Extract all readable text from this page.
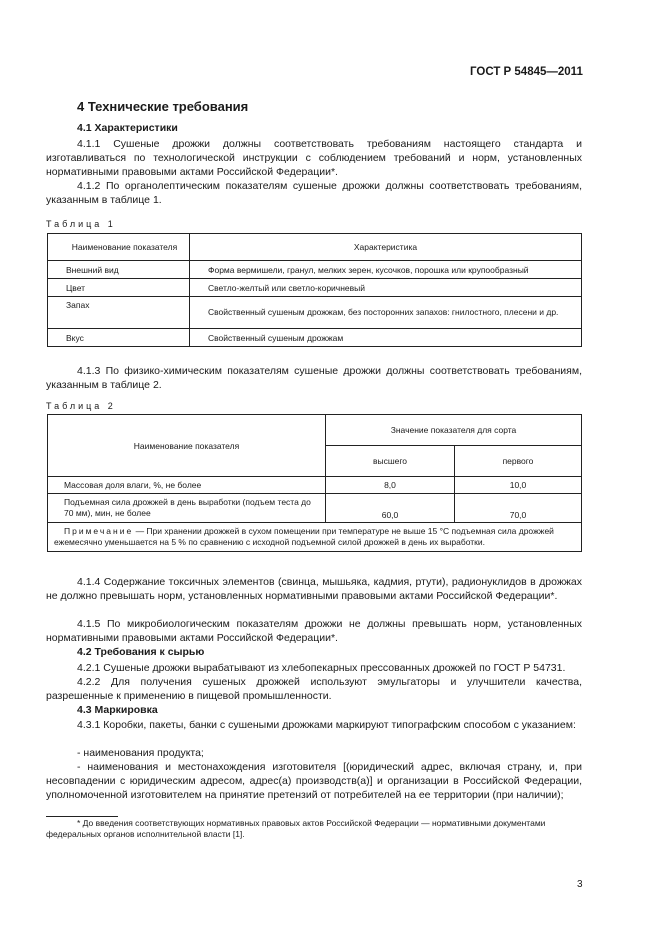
ГОСТ Р 54845—2011
4 Технические требования
4.1 Характеристики
4.1.1 Сушеные дрожжи должны соответствовать требованиям настоящего стандарта и изготавливаться по технологической инструкции с соблюдением требований и норм, установленных нормативными правовыми актами Российской Федерации*.
4.1.2 По органолептическим показателям сушеные дрожжи должны соответствовать требованиям, указанным в таблице 1.
Таблица 1
Наименование показателя	Характеристика
Внешний вид	Форма вермишели, гранул, мелких зерен, кусочков, порошка или крупообразный
Цвет	Светло-желтый или светло-коричневый
Запах	Свойственный сушеным дрожжам, без посторонних запахов: гнилостного, плесени и др.
Вкус	Свойственный сушеным дрожжам
4.1.3 По физико-химическим показателям сушеные дрожжи должны соответствовать требованиям, указанным в таблице 2.
Таблица 2
Наименование показателя	Значение показателя для сорта	
	высшего	первого
Массовая доля влаги, %, не более	8,0	10,0
Подъемная сила дрожжей в день выработки (подъем теста до 70 мм), мин, не более	60,0	70,0
Примечание — При хранении дрожжей в сухом помещении при температуре не выше 15 °С подъемная сила дрожжей ежемесячно уменьшается на 5 % по сравнению с исходной подъемной силой дрожжей в день их выработки.		
4.1.4 Содержание токсичных элементов (свинца, мышьяка, кадмия, ртути), радионуклидов в дрожжах не должно превышать норм, установленных нормативными правовыми актами Российской Федерации*.
4.1.5 По микробиологическим показателям дрожжи не должны превышать норм, установленных нормативными правовыми актами Российской Федерации*.
4.2 Требования к сырью
4.2.1 Сушеные дрожжи вырабатывают из хлебопекарных прессованных дрожжей по ГОСТ Р 54731.
4.2.2 Для получения сушеных дрожжей используют эмульгаторы и улучшители качества, разрешенные к применению в пищевой промышленности.
4.3 Маркировка
4.3.1 Коробки, пакеты, банки с сушеными дрожжами маркируют типографским способом с указанием:
- наименования продукта;
- наименования и местонахождения изготовителя [(юридический адрес, включая страну, и, при несовпадении с юридическим адресом, адрес(а) производств(а)] и организации в Российской Федерации, уполномоченной изготовителем на принятие претензий от потребителей на ее территории (при наличии);
* До введения соответствующих нормативных правовых актов Российской Федерации — нормативными документами федеральных органов исполнительной власти [1].
3
